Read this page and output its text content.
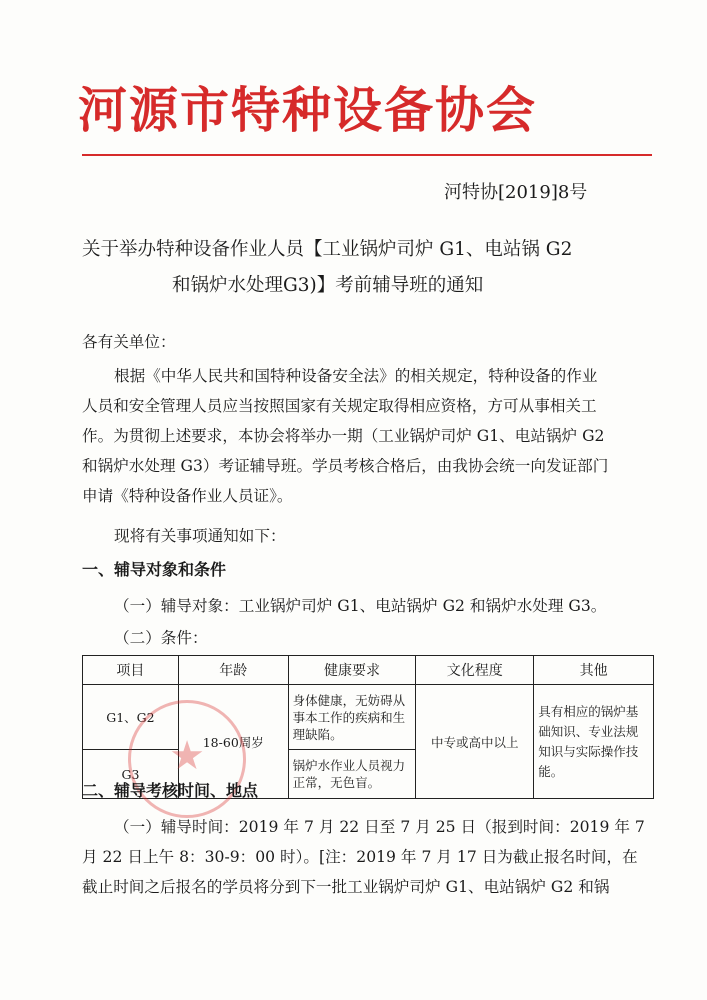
河源市特种设备协会
河特协[2019]8号
关于举办特种设备作业人员【工业锅炉司炉 G1、电站锅 G2
和锅炉水处理G3)】考前辅导班的通知
各有关单位：
根据《中华人民共和国特种设备安全法》的相关规定，特种设备的作业
人员和安全管理人员应当按照国家有关规定取得相应资格，方可从事相关工
作。为贯彻上述要求，本协会将举办一期（工业锅炉司炉 G1、电站锅炉 G2
和锅炉水处理 G3）考证辅导班。学员考核合格后，由我协会统一向发证部门
申请《特种设备作业人员证》。
现将有关事项通知如下：
一、辅导对象和条件
（一）辅导对象：工业锅炉司炉 G1、电站锅炉 G2 和锅炉水处理 G3。
（二）条件：
项目	年龄	健康要求	文化程度	其他
G1、G2	18-60周岁	身体健康，无妨碍从事本工作的疾病和生理缺陷。	中专或高中以上	具有相应的锅炉基础知识、专业法规知识与实际操作技能。

G3		锅炉水作业人员视力正常，无色盲。		
★
二、辅导考核时间、地点
（一）辅导时间：2019 年 7 月 22 日至 7 月 25 日（报到时间：2019 年 7
月 22 日上午 8：30-9：00 时）。[注：2019 年 7 月 17 日为截止报名时间，在
截止时间之后报名的学员将分到下一批工业锅炉司炉 G1、电站锅炉 G2 和锅
